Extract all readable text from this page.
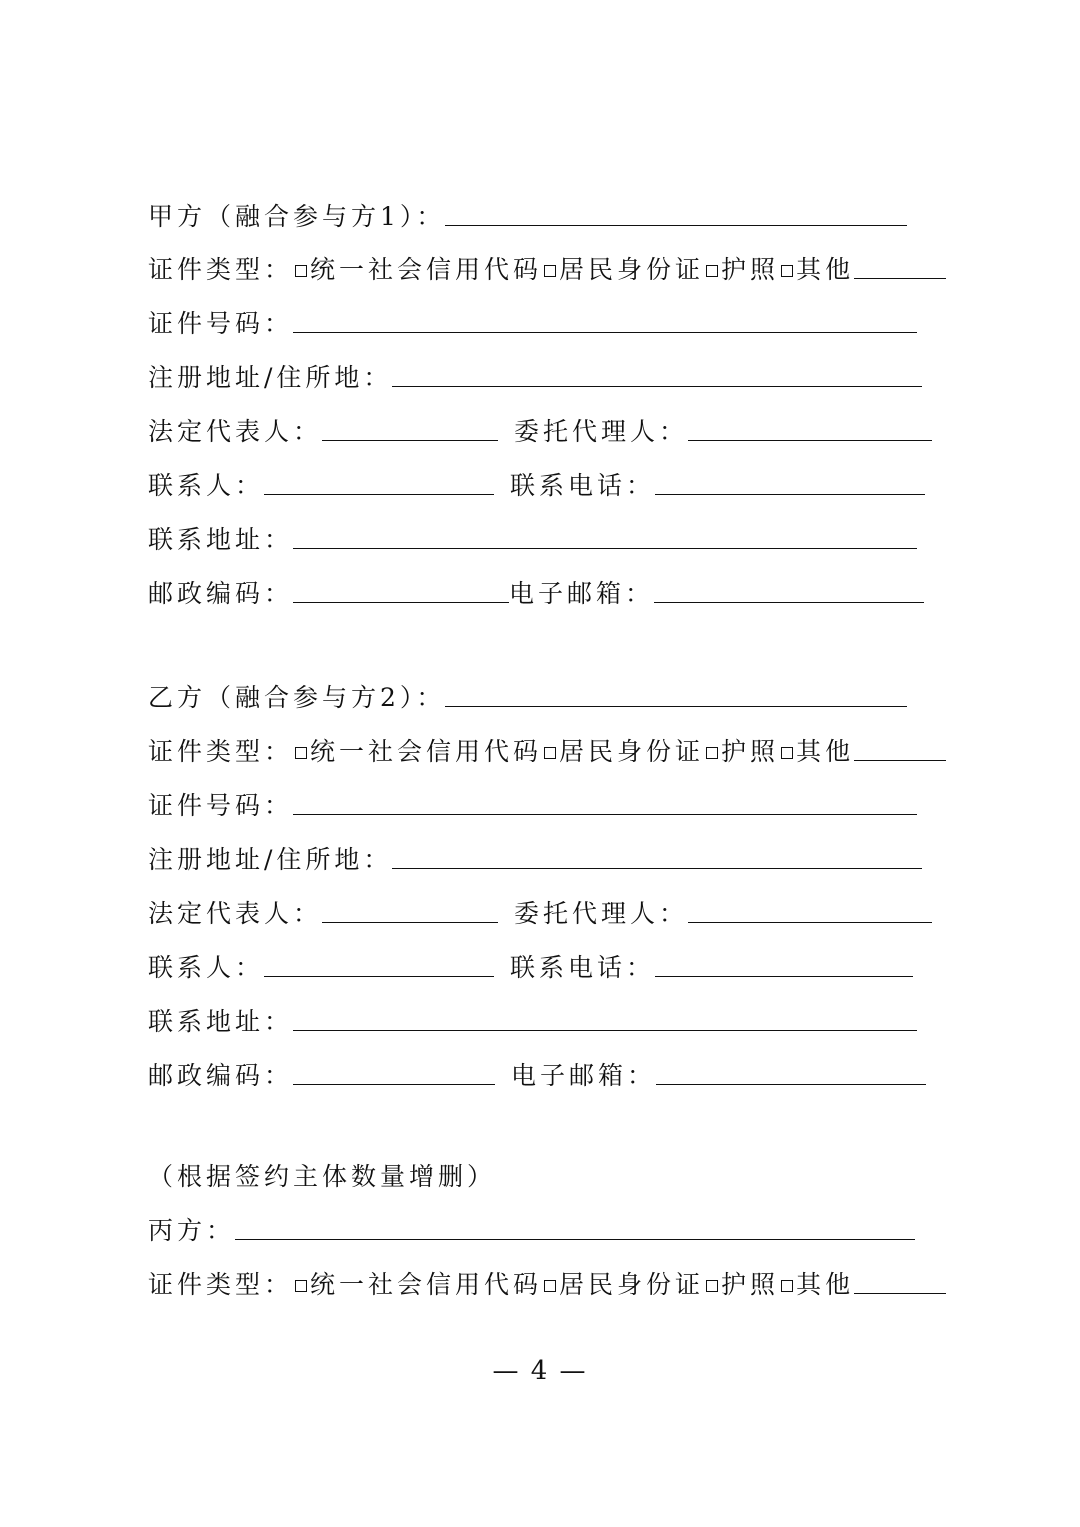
甲方（融合参与方1）：
证件类型： 统一社会信用代码 居民身份证 护照 其他
证件号码：
注册地址/住所地：
法定代表人：	委托代理人：
联系人：	联系电话：
联系地址：
邮政编码：	电子邮箱：
乙方（融合参与方2）：
证件类型： 统一社会信用代码 居民身份证 护照 其他
证件号码：
注册地址/住所地：
法定代表人：	委托代理人：
联系人：	联系电话：
联系地址：
邮政编码：	电子邮箱：
（根据签约主体数量增删）
丙方：
证件类型： 统一社会信用代码 居民身份证 护照 其他
— 4 —
